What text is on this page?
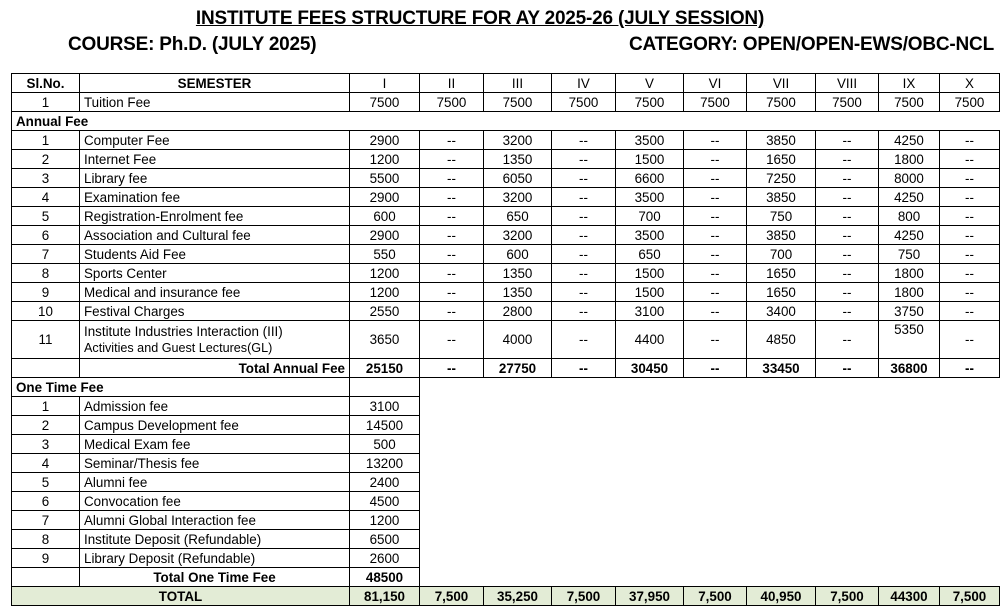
INSTITUTE FEES STRUCTURE FOR AY 2025-26 (JULY SESSION)
COURSE: Ph.D. (JULY 2025)	CATEGORY: OPEN/OPEN-EWS/OBC-NCL
Sl.No.	SEMESTER	I	II	III	IV	V	VI	VII	VIII	IX	X
1	Tuition Fee	7500	7500	7500	7500	7500	7500	7500	7500	7500	7500
Annual Fee											
1	Computer Fee	2900	--	3200	--	3500	--	3850	--	4250	--
2	Internet Fee	1200	--	1350	--	1500	--	1650	--	1800	--
3	Library fee	5500	--	6050	--	6600	--	7250	--	8000	--
4	Examination fee	2900	--	3200	--	3500	--	3850	--	4250	--
5	Registration-Enrolment fee	600	--	650	--	700	--	750	--	800	--
6	Association and Cultural fee	2900	--	3200	--	3500	--	3850	--	4250	--
7	Students Aid Fee	550	--	600	--	650	--	700	--	750	--
8	Sports Center	1200	--	1350	--	1500	--	1650	--	1800	--
9	Medical and insurance fee	1200	--	1350	--	1500	--	1650	--	1800	--
10	Festival Charges	2550	--	2800	--	3100	--	3400	--	3750	--
11	Institute Industries Interaction (III)
Activities and Guest Lectures(GL)	3650	--	4000	--	4400	--	4850	--	5350	--
	Total Annual Fee	25150	--	27750	--	30450	--	33450	--	36800	--
One Time Fee											
1	Admission fee	3100									
2	Campus Development fee	14500									
3	Medical Exam fee	500									
4	Seminar/Thesis fee	13200									
5	Alumni fee	2400									
6	Convocation fee	4500									
7	Alumni Global Interaction fee	1200									
8	Institute Deposit (Refundable)	6500									
9	Library Deposit (Refundable)	2600									
	Total One Time Fee	48500									
TOTAL		81,150	7,500	35,250	7,500	37,950	7,500	40,950	7,500	44300	7,500
